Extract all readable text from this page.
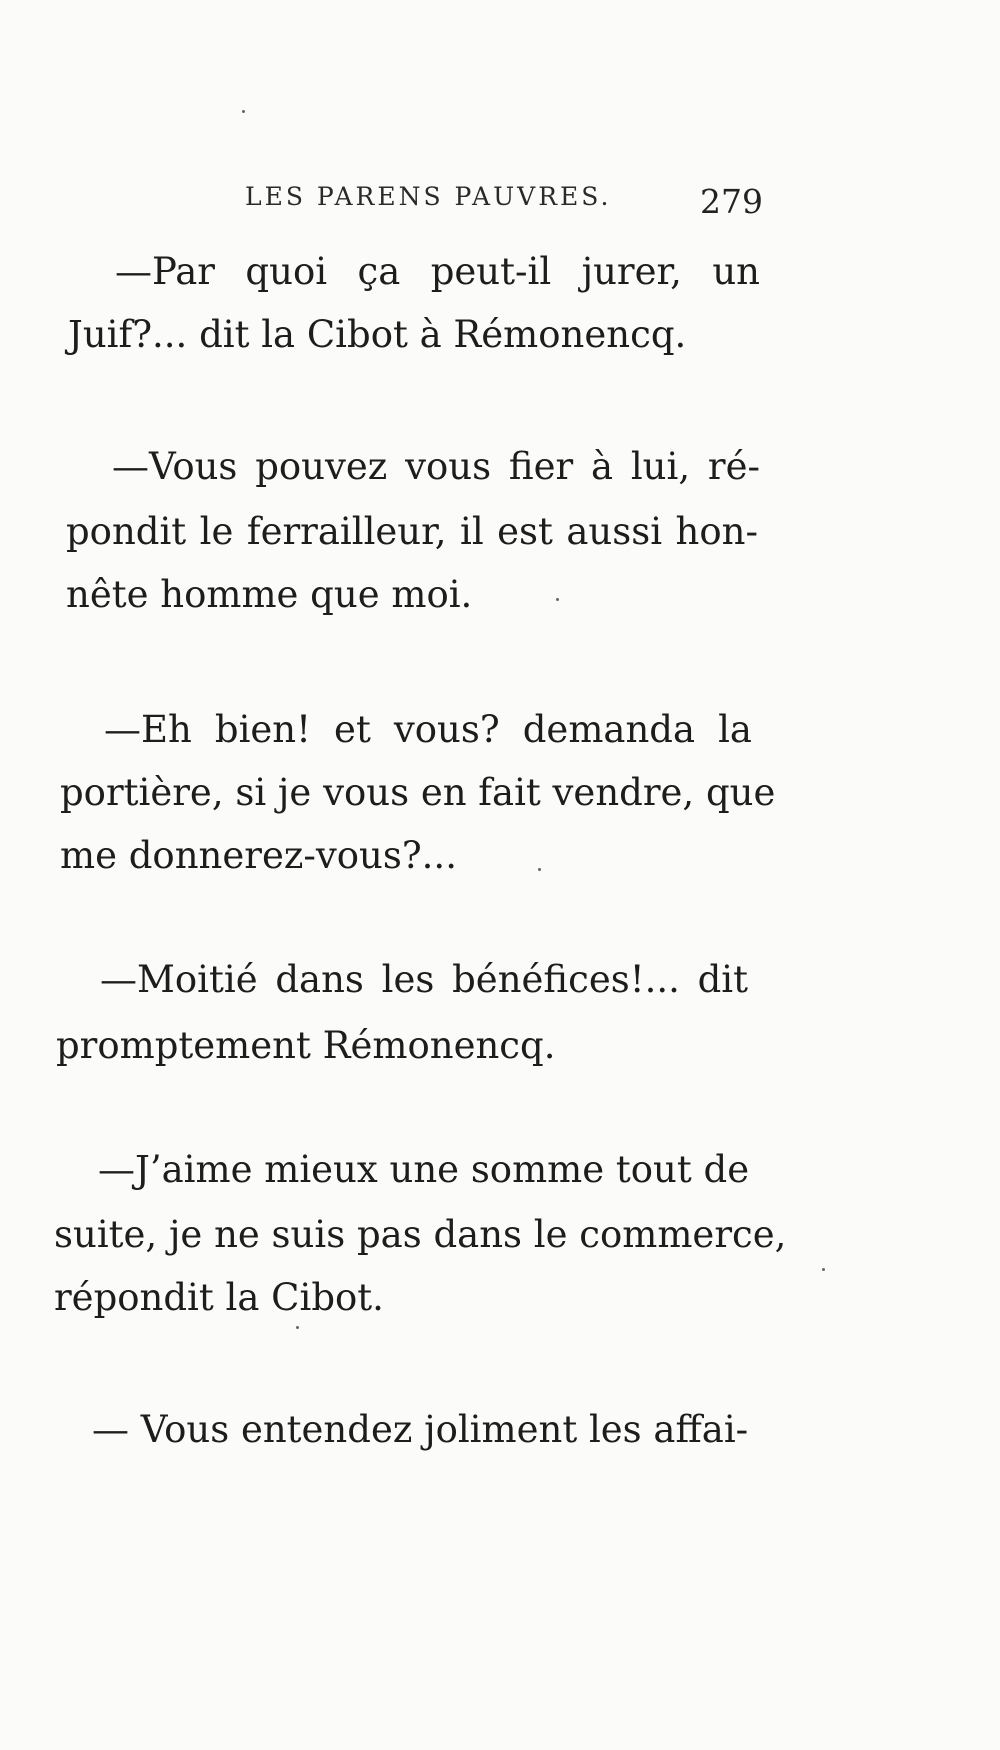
LES PARENS PAUVRES.	279
—Par quoi ça peut-il jurer, un
Juif?... dit la Cibot à Rémonencq.
—Vous pouvez vous fier à lui, ré-
pondit le ferrailleur, il est aussi hon-
nête homme que moi.
—Eh bien! et vous? demanda la
portière, si je vous en fait vendre, que
me donnerez-vous?...
—Moitié dans les bénéfices!... dit
promptement Rémonencq.
—J’aime mieux une somme tout de
suite, je ne suis pas dans le commerce,
répondit la Cibot.
— Vous entendez joliment les affai-
